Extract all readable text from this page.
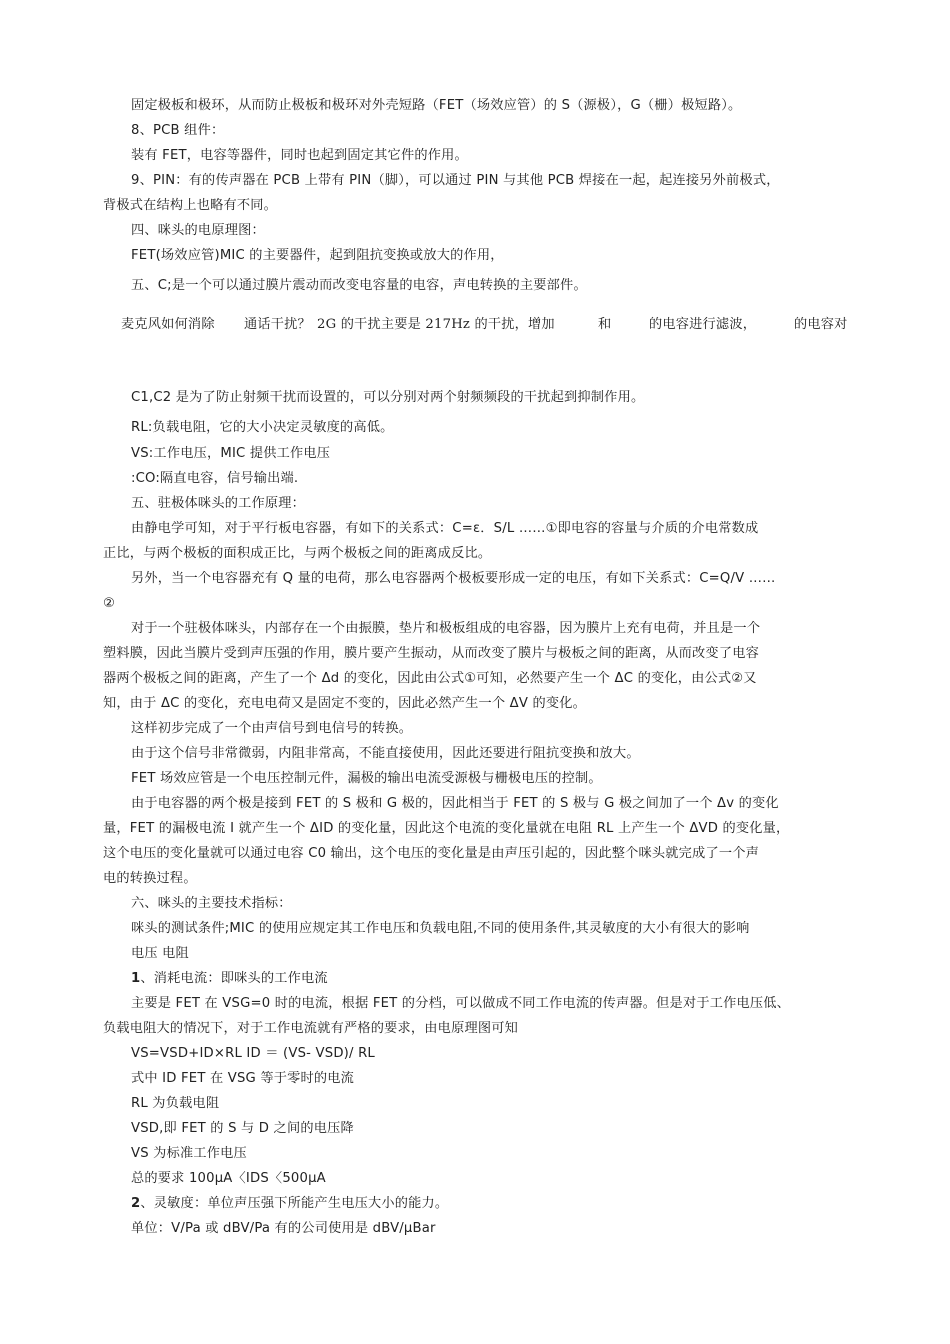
固定极板和极环，从而防止极板和极环对外壳短路（FET（场效应管）的 S（源极），G（栅）极短路）。
8、PCB 组件：
装有 FET，电容等器件，同时也起到固定其它件的作用。
9、PIN：有的传声器在 PCB 上带有 PIN（脚），可以通过 PIN 与其他 PCB 焊接在一起，起连接另外前极式，
背极式在结构上也略有不同。
四、咪头的电原理图：
FET(场效应管)MIC 的主要器件，起到阻抗变换或放大的作用，
五、C;是一个可以通过膜片震动而改变电容量的电容，声电转换的主要部件。
麦克风如何消除 通话干扰？ 2G 的干扰主要是 217Hz 的干扰，增加	和	的电容进行滤波，	的电容对
C1,C2 是为了防止射频干扰而设置的，可以分别对两个射频频段的干扰起到抑制作用。
RL:负载电阻，它的大小决定灵敏度的高低。
VS:工作电压，MIC 提供工作电压
:CO:隔直电容，信号输出端.
五、驻极体咪头的工作原理：
由静电学可知，对于平行板电容器，有如下的关系式：C=ε．S/L ……①即电容的容量与介质的介电常数成
正比，与两个极板的面积成正比，与两个极板之间的距离成反比。
另外，当一个电容器充有 Q 量的电荷，那么电容器两个极板要形成一定的电压，有如下关系式：C=Q/V ……
②
对于一个驻极体咪头，内部存在一个由振膜，垫片和极板组成的电容器，因为膜片上充有电荷，并且是一个
塑料膜，因此当膜片受到声压强的作用，膜片要产生振动，从而改变了膜片与极板之间的距离，从而改变了电容
器两个极板之间的距离，产生了一个 Δd 的变化，因此由公式①可知，必然要产生一个 ΔC 的变化，由公式②又
知，由于 ΔC 的变化，充电电荷又是固定不变的，因此必然产生一个 ΔV 的变化。
这样初步完成了一个由声信号到电信号的转换。
由于这个信号非常微弱，内阻非常高，不能直接使用，因此还要进行阻抗变换和放大。
FET 场效应管是一个电压控制元件，漏极的输出电流受源极与栅极电压的控制。
由于电容器的两个极是接到 FET 的 S 极和 G 极的，因此相当于 FET 的 S 极与 G 极之间加了一个 Δv 的变化
量，FET 的漏极电流 I 就产生一个 ΔID 的变化量，因此这个电流的变化量就在电阻 RL 上产生一个 ΔVD 的变化量，
这个电压的变化量就可以通过电容 C0 输出，这个电压的变化量是由声压引起的，因此整个咪头就完成了一个声
电的转换过程。
六、咪头的主要技术指标：
咪头的测试条件;MIC 的使用应规定其工作电压和负载电阻,不同的使用条件,其灵敏度的大小有很大的影响
电压 电阻
1、消耗电流：即咪头的工作电流
主要是 FET 在 VSG=0 时的电流，根据 FET 的分档，可以做成不同工作电流的传声器。但是对于工作电压低、
负载电阻大的情况下，对于工作电流就有严格的要求，由电原理图可知
VS=VSD+ID×RL ID ＝ (VS- VSD)/ RL
式中 ID FET 在 VSG 等于零时的电流
RL 为负载电阻
VSD,即 FET 的 S 与 D 之间的电压降
VS 为标准工作电压
总的要求 100μA〈IDS〈500μA
2、灵敏度：单位声压强下所能产生电压大小的能力。
单位：V/Pa 或 dBV/Pa 有的公司使用是 dBV/μBar
